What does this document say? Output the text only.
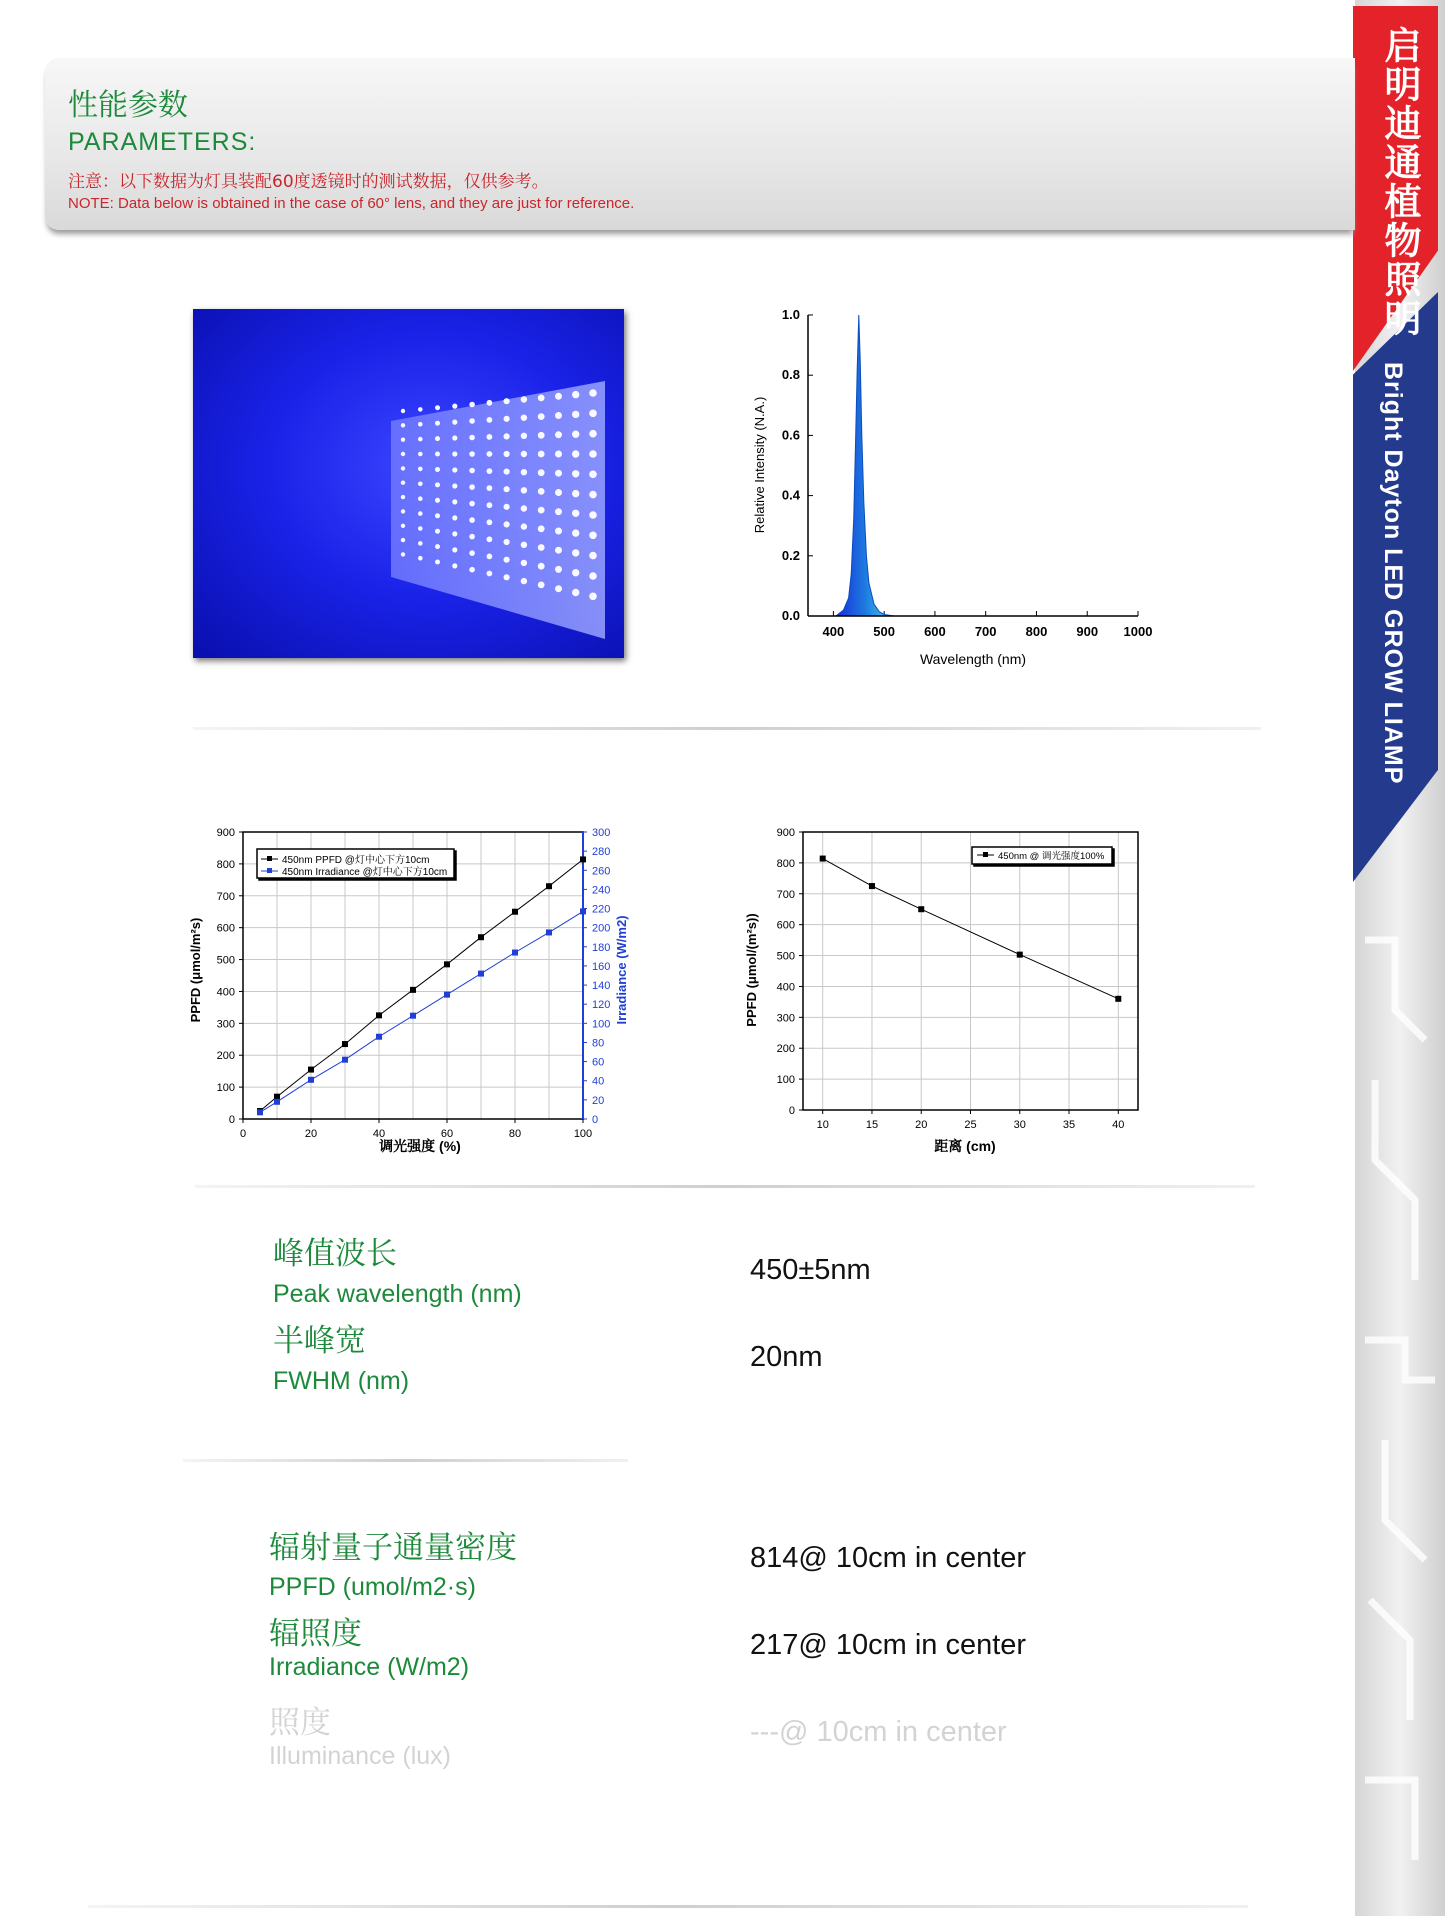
启明迪通植物照明
Bright Dayton LED GROW LIAMP
性能参数
PARAMETERS:
注意：以下数据为灯具装配60度透镜时的测试数据，仅供参考。
NOTE: Data below is obtained in the case of 60° lens, and they are just for reference.
Wavelength (nm)
Relative Intensity (N.A.)
400 500 600 700 800 900 1000
0.0
0.2
0.4
0.6
0.8
1.0
450nm PPFD @灯中心下方10cm
450nm Irradiance @灯中心下方10cm
调光强度 (%)
PPFD (μmol/m²s)	Irradiance (W/m2)
0
100
200
300
400
500
600
700
800
900
0	20	40	60	80	100
0
20
40
60
80
100
120
140
160
180
200
220
240
260
280
300
450nm @ 调光强度100%
距离 (cm)
PPFD (μmol/(m²s))
0
100
200
300
400
500
600
700
800
900
10	15	20	25	30	35	40
峰值波长
Peak wavelength (nm)
450±5nm
半峰宽
FWHM (nm)
20nm
辐射量子通量密度
PPFD (umol/m2·s)
814@ 10cm in center
辐照度
Irradiance (W/m2)
217@ 10cm in center
照度
Illuminance (lux)
---@ 10cm in center
